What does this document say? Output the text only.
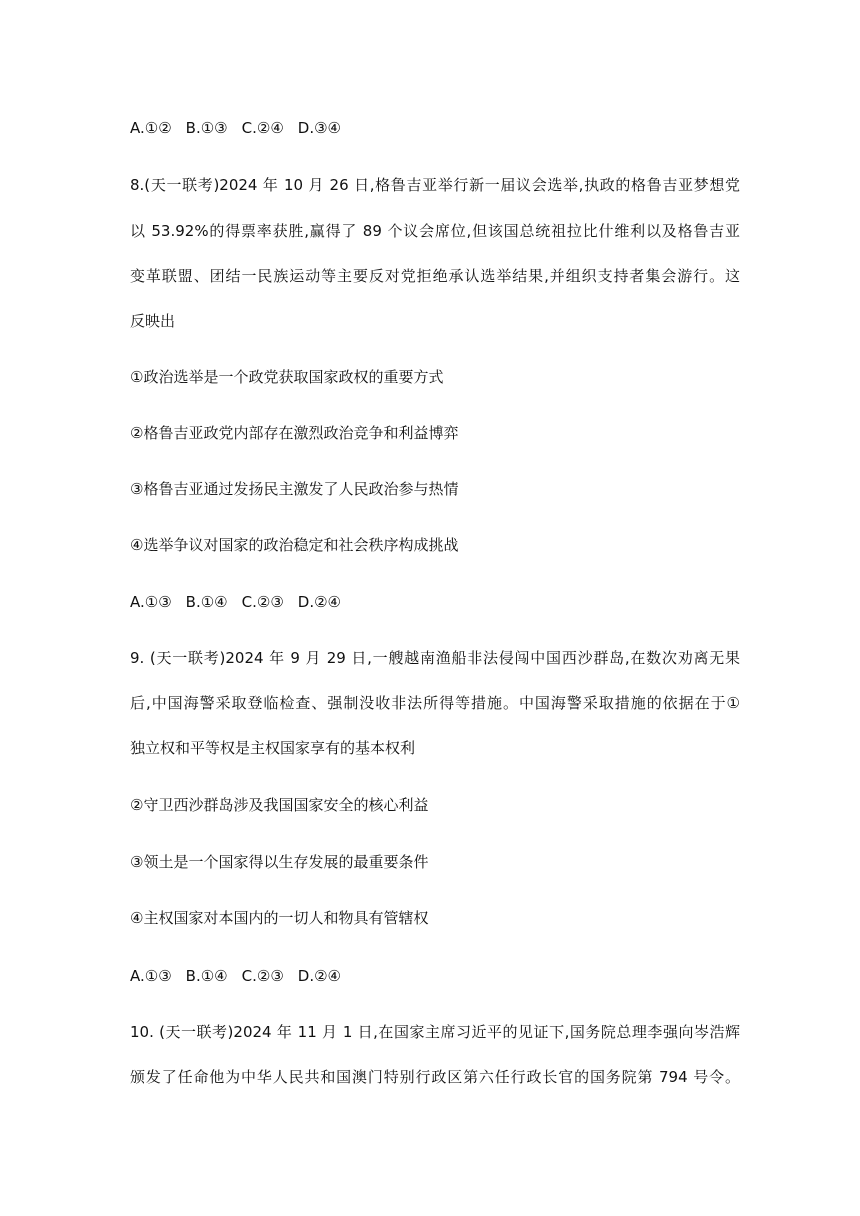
A.①② B.①③ C.②④ D.③④
8.(天一联考)2024 年 10 月 26 日,格鲁吉亚举行新一届议会选举,执政的格鲁吉亚梦想党
以 53.92%的得票率获胜,赢得了 89 个议会席位,但该国总统祖拉比什维利以及格鲁吉亚
变革联盟、团结一民族运动等主要反对党拒绝承认选举结果,并组织支持者集会游行。这
反映出
①政治选举是一个政党获取国家政权的重要方式
②格鲁吉亚政党内部存在激烈政治竞争和利益博弈
③格鲁吉亚通过发扬民主激发了人民政治参与热情
④选举争议对国家的政治稳定和社会秩序构成挑战
A.①③ B.①④ C.②③ D.②④
9. (天一联考)2024 年 9 月 29 日,一艘越南渔船非法侵闯中国西沙群岛,在数次劝离无果
后,中国海警采取登临检查、强制没收非法所得等措施。中国海警采取措施的依据在于①
独立权和平等权是主权国家享有的基本权利
②守卫西沙群岛涉及我国国家安全的核心利益
③领土是一个国家得以生存发展的最重要条件
④主权国家对本国内的一切人和物具有管辖权
A.①③ B.①④ C.②③ D.②④
10. (天一联考)2024 年 11 月 1 日,在国家主席习近平的见证下,国务院总理李强向岑浩辉
颁发了任命他为中华人民共和国澳门特别行政区第六任行政长官的国务院第 794 号令。
